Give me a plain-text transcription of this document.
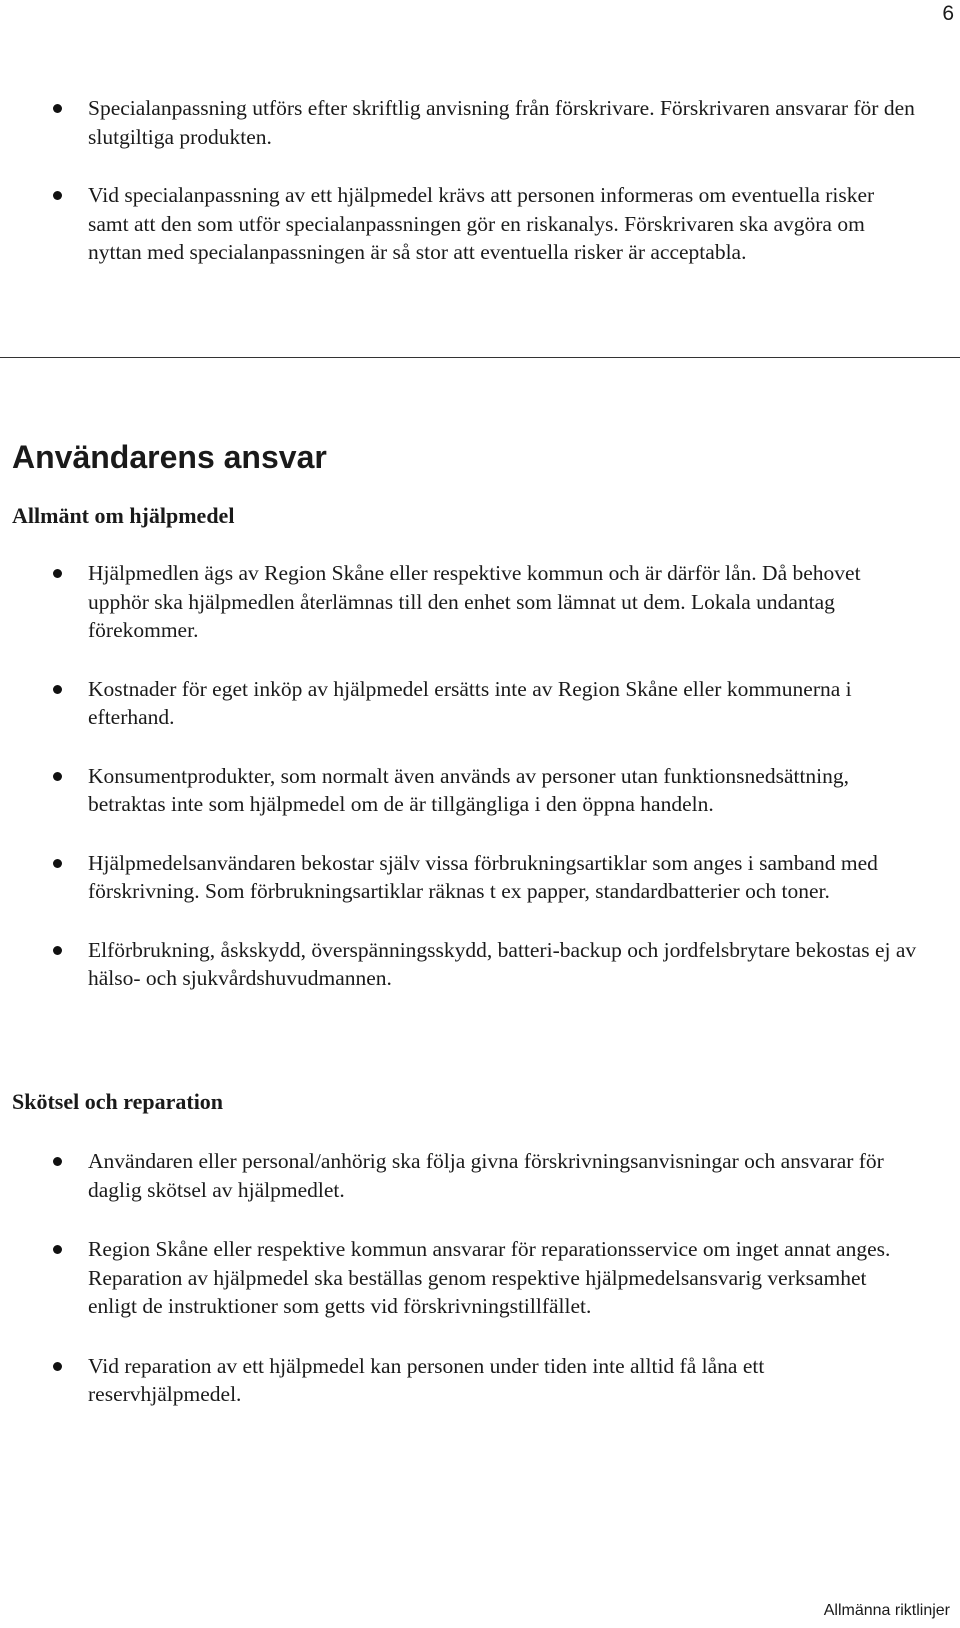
6
Specialanpassning utförs efter skriftlig anvisning från förskrivare. Förskrivaren ansvarar för den slutgiltiga produkten.
Vid specialanpassning av ett hjälpmedel krävs att personen informeras om eventuella risker samt att den som utför specialanpassningen gör en riskanalys. Förskrivaren ska avgöra om nyttan med specialanpassningen är så stor att eventuella risker är acceptabla.
Användarens ansvar
Allmänt om hjälpmedel
Hjälpmedlen ägs av Region Skåne eller respektive kommun och är därför lån. Då behovet upphör ska hjälpmedlen återlämnas till den enhet som lämnat ut dem. Lokala undantag förekommer.
Kostnader för eget inköp av hjälpmedel ersätts inte av Region Skåne eller kommunerna i efterhand.
Konsumentprodukter, som normalt även används av personer utan funktionsnedsättning, betraktas inte som hjälpmedel om de är tillgängliga i den öppna handeln.
Hjälpmedelsanvändaren bekostar själv vissa förbrukningsartiklar som anges i samband med förskrivning. Som förbrukningsartiklar räknas t ex papper, standardbatterier och toner.
Elförbrukning, åskskydd, överspänningsskydd, batteri-backup och jordfelsbrytare bekostas ej av hälso- och sjukvårdshuvudmannen.
Skötsel och reparation
Användaren eller personal/anhörig ska följa givna förskrivningsanvisningar och ansvarar för daglig skötsel av hjälpmedlet.
Region Skåne eller respektive kommun ansvarar för reparationsservice om inget annat anges. Reparation av hjälpmedel ska beställas genom respektive hjälpmedelsansvarig verksamhet enligt de instruktioner som getts vid förskrivningstillfället.
Vid reparation av ett hjälpmedel kan personen under tiden inte alltid få låna ett reservhjälpmedel.
Allmänna riktlinjer
